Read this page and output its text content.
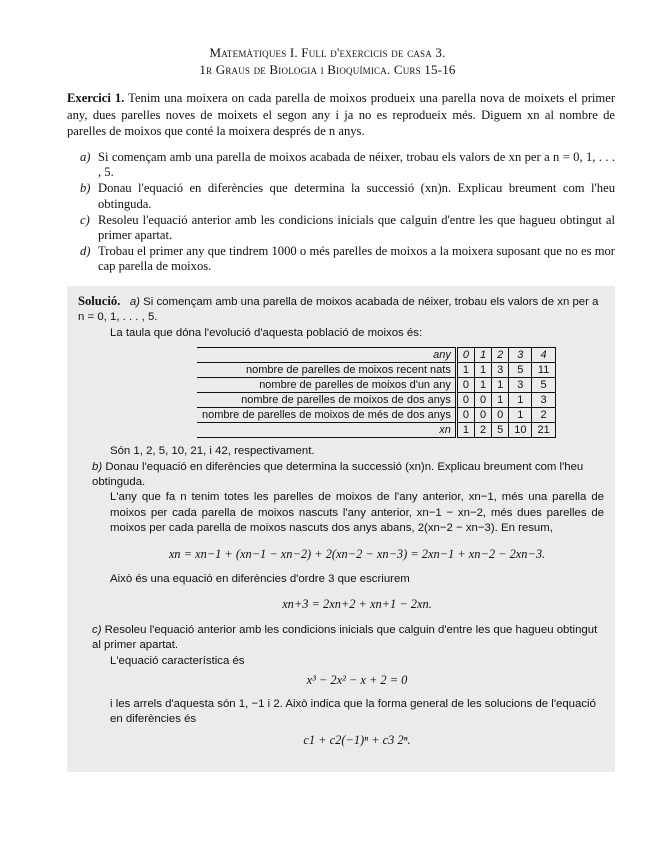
Matemàtiques I. Full d'exercicis de casa 3.
1r Graus de Biologia i Bioquímica. Curs 15-16
Exercici 1. Tenim una moixera on cada parella de moixos produeix una parella nova de moixets el primer any, dues parelles noves de moixets el segon any i ja no es reprodueix més. Diguem xn al nombre de parelles de moixos que conté la moixera després de n anys.
a) Si començam amb una parella de moixos acabada de néixer, trobau els valors de xn per a n = 0, 1, . . . , 5.
b) Donau l'equació en diferències que determina la successió (xn)n. Explicau breument com l'heu obtinguda.
c) Resoleu l'equació anterior amb les condicions inicials que calguin d'entre les que hagueu obtingut al primer apartat.
d) Trobau el primer any que tindrem 1000 o més parelles de moixos a la moixera suposant que no es mor cap parella de moixos.
Solució. a) Si començam amb una parella de moixos acabada de néixer, trobau els valors de xn per a n = 0, 1, . . . , 5.
La taula que dóna l'evolució d'aquesta població de moixos és:
any	0	1	2	3	4
nombre de parelles de moixos recent nats	1	1	3	5	11
nombre de parelles de moixos d'un any	0	1	1	3	5
nombre de parelles de moixos de dos anys	0	0	1	1	3
nombre de parelles de moixos de més de dos anys	0	0	0	1	2
xn	1	2	5	10	21
Són 1, 2, 5, 10, 21, i 42, respectivament.
b) Donau l'equació en diferències que determina la successió (xn)n. Explicau breument com l'heu obtinguda.
L'any que fa n tenim totes les parelles de moixos de l'any anterior, xn−1, més una parella de moixos per cada parella de moixos nascuts l'any anterior, xn−1 − xn−2, més dues parelles de moixos per cada parella de moixos nascuts dos anys abans, 2(xn−2 − xn−3). En resum,
xn = xn−1 + (xn−1 − xn−2) + 2(xn−2 − xn−3) = 2xn−1 + xn−2 − 2xn−3.
Això és una equació en diferències d'ordre 3 que escriurem
xn+3 = 2xn+2 + xn+1 − 2xn.
c) Resoleu l'equació anterior amb les condicions inicials que calguin d'entre les que hagueu obtingut al primer apartat.
L'equació característica és
x³ − 2x² − x + 2 = 0
i les arrels d'aquesta són 1, −1 i 2. Això indica que la forma general de les solucions de l'equació en diferències és
c1 + c2(−1)ⁿ + c3 2ⁿ.
